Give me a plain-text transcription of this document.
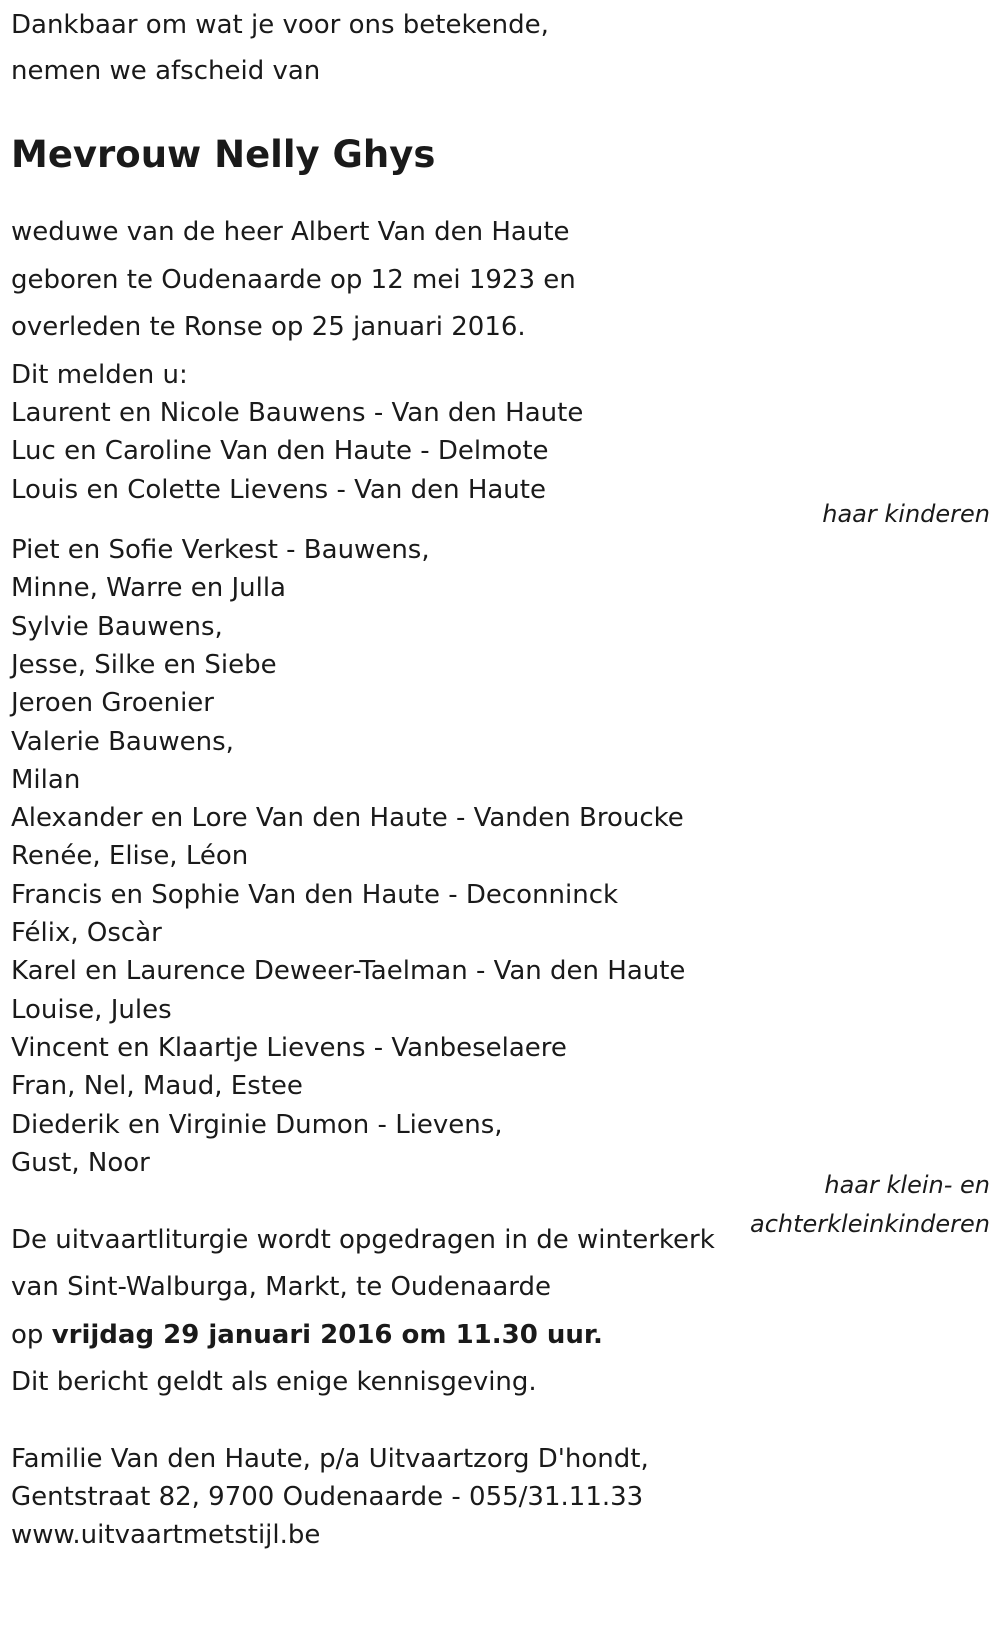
Dankbaar om wat je voor ons betekende,
nemen we afscheid van
Mevrouw Nelly Ghys
weduwe van de heer Albert Van den Haute
geboren te Oudenaarde op 12 mei 1923 en
overleden te Ronse op 25 januari 2016.
Dit melden u:
Laurent en Nicole Bauwens - Van den Haute
Luc en Caroline Van den Haute - Delmote
Louis en Colette Lievens - Van den Haute
haar kinderen
Piet en Sofie Verkest - Bauwens,
Minne, Warre en Julla
Sylvie Bauwens,
Jesse, Silke en Siebe
Jeroen Groenier
Valerie Bauwens,
Milan
Alexander en Lore Van den Haute - Vanden Broucke
Renée, Elise, Léon
Francis en Sophie Van den Haute - Deconninck
Félix, Oscàr
Karel en Laurence Deweer-Taelman - Van den Haute
Louise, Jules
Vincent en Klaartje Lievens - Vanbeselaere
Fran, Nel, Maud, Estee
Diederik en Virginie Dumon - Lievens,
Gust, Noor
haar klein- en
achterkleinkinderen
De uitvaartliturgie wordt opgedragen in de winterkerk
van Sint-Walburga, Markt, te Oudenaarde
op vrijdag 29 januari 2016 om 11.30 uur.
Dit bericht geldt als enige kennisgeving.
Familie Van den Haute, p/a Uitvaartzorg D'hondt,
Gentstraat 82, 9700 Oudenaarde - 055/31.11.33
www.uitvaartmetstijl.be
